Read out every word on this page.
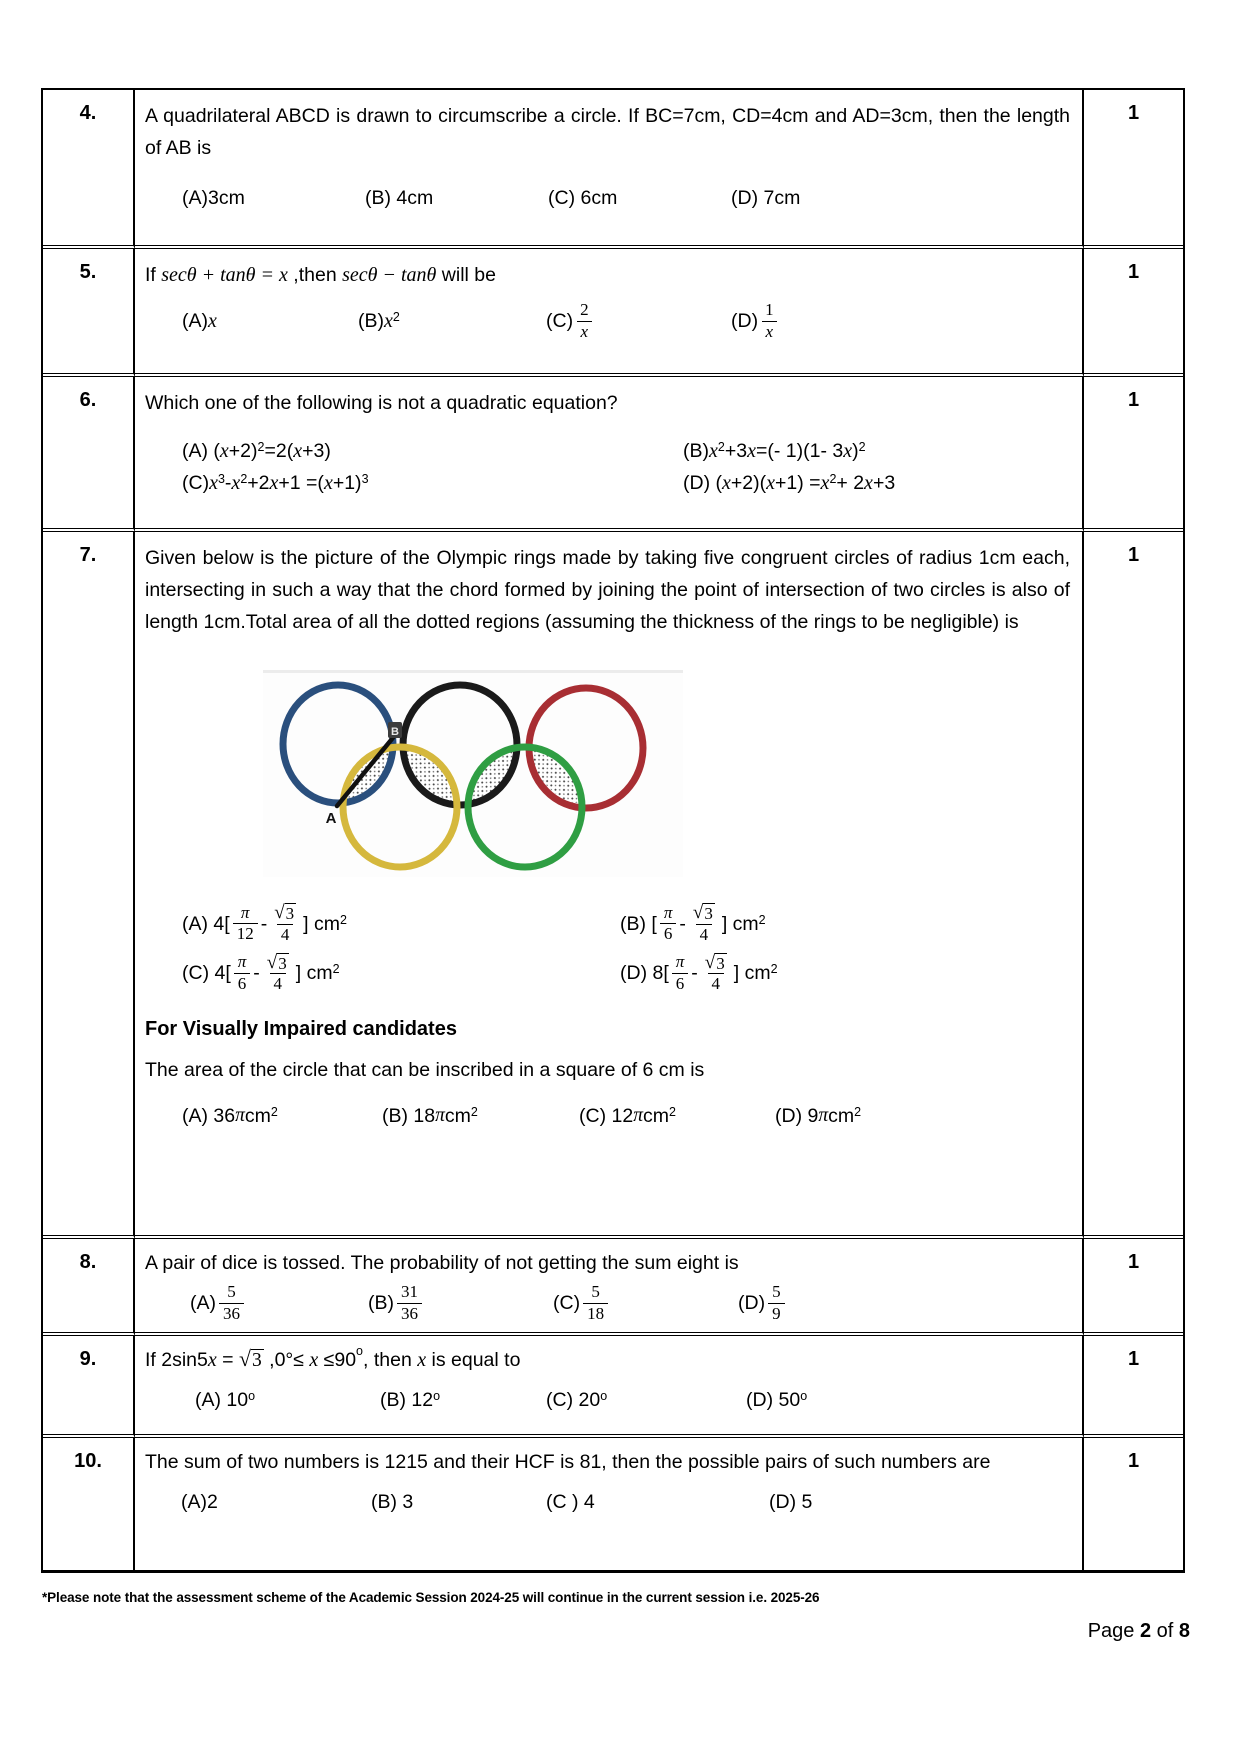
4.	A quadrilateral ABCD is drawn to circumscribe a circle. If BC=7cm, CD=4cm and AD=3cm, then the length of AB is

(A)3cm	(B) 4cm	(C) 6cm	(D) 7cm
1
5.	If secθ + tanθ = x ,then secθ − tanθ will be

(A) x	(B) x 2	$(C) \frac{2}{x}$	$(D) \frac{1}{x}$
1
6.	Which one of the following is not a quadratic equation?

(A) ( x +2) 2 =2( x +3)	(B) x 2 +3 x =(- 1)(1- 3 x ) 2
(C) x 3 - x 2 +2 x +1 =( x +1) 3	(D) ( x +2)( x +1) = x 2 + 2 x +3
1
7.	Given below is the picture of the Olympic rings made by taking five congruent circles of radius 1cm each, intersecting in such a way that the chord formed by joining the point of intersection of two circles is also of length 1cm.Total area of all the dotted regions (assuming the thickness of the rings to be negligible) is

B
A
(A) $4[ \frac{\pi}{12} - \frac{√ 3}{4}$ ] cm 2	(B) [ $\frac{\pi}{6} - \frac{√ 3}{4}$ ] cm 2
(C) $4[ \frac{\pi}{6} - \frac{√ 3}{4}$ ] cm 2	(D) $8[ \frac{\pi}{6} - \frac{√ 3}{4}$ ] cm 2

For Visually Impaired candidates

The area of the circle that can be inscribed in a square of 6 cm is

(A) 36 π cm 2	(B) 18 π cm 2	(C) 12 π cm 2	(D) 9 π cm 2
1
8.	A pair of dice is tossed. The probability of not getting the sum eight is

$(A) \frac{5}{36}$	$(B) \frac{31}{36}$	$(C) \frac{5}{18}$	$(D) \frac{5}{9}$
1
9.	If 2sin5x = √ 3 $,0^\circ\le x \le 90^o$, then x is equal to

(A) 10 o	(B) 12 o	(C) 20 o	(D) 50 o
1
10.	The sum of two numbers is 1215 and their HCF is 81, then the possible pairs of such numbers are

(A)2	(B) 3	(C ) 4	(D) 5
1
*Please note that the assessment scheme of the Academic Session 2024-25 will continue in the current session i.e. 2025-26
Page 2 of 8
